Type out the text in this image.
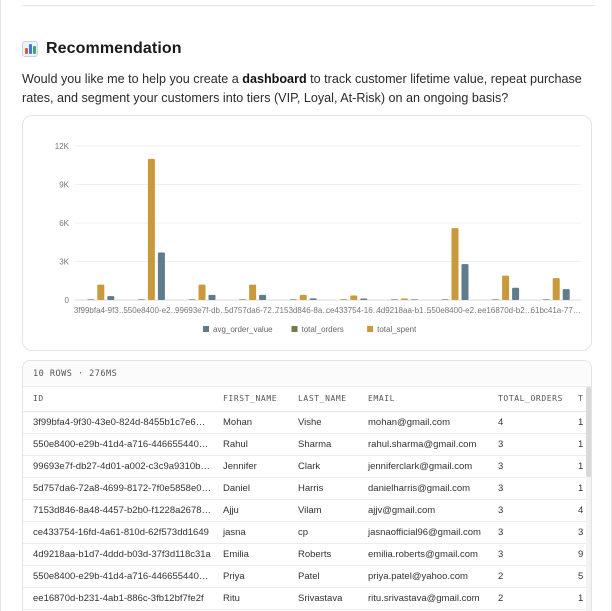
Recommendation

Would you like me to help you create a dashboard to track customer lifetime value, repeat purchase rates, and segment your customers into tiers (VIP, Loyal, At-Risk) on an ongoing basis?

0
3K
6K
9K
12K
3f99bfa4-9f3…
550e8400-e2…
99693e7f-db…
5d757da6-72…
7153d846-8a…
ce433754-16…
4d9218aa-b1…
550e8400-e2…
ee16870d-b2…
61bc41a-77…
avg_order_value	total_orders	total_spent
10 ROWS · 276MS
ID	FIRST_NAME	LAST_NAME	EMAIL	TOTAL_ORDERS	T
3f99bfa4-9f30-43e0-824d-8455b1c7e6…	Mohan	Vishe	mohan@gmail.com	4	1
550e8400-e29b-41d4-a716-446655440…	Rahul	Sharma	rahul.sharma@gmail.com	3	1
99693e7f-db27-4d01-a002-c3c9a9310b…	Jennifer	Clark	jenniferclark@gmail.com	3	1
5d757da6-72a8-4699-8172-7f0e5858e0…	Daniel	Harris	danielharris@gmail.com	3	1
7153d846-8a48-4457-b2b0-f1228a2678…	Ajju	Vilam	ajjv@gmail.com	3	4
ce433754-16fd-4a61-810d-62f573dd1649	jasna	cp	jasnaofficial96@gmail.com	3	3
4d9218aa-b1d7-4ddd-b03d-37f3d118c31a	Emilia	Roberts	emilia.roberts@gmail.com	3	9
550e8400-e29b-41d4-a716-446655440…	Priya	Patel	priya.patel@yahoo.com	2	5
ee16870d-b231-4ab1-886c-3fb12bf7fe2f	Ritu	Srivastava	ritu.srivastava@gmail.com	2	1
